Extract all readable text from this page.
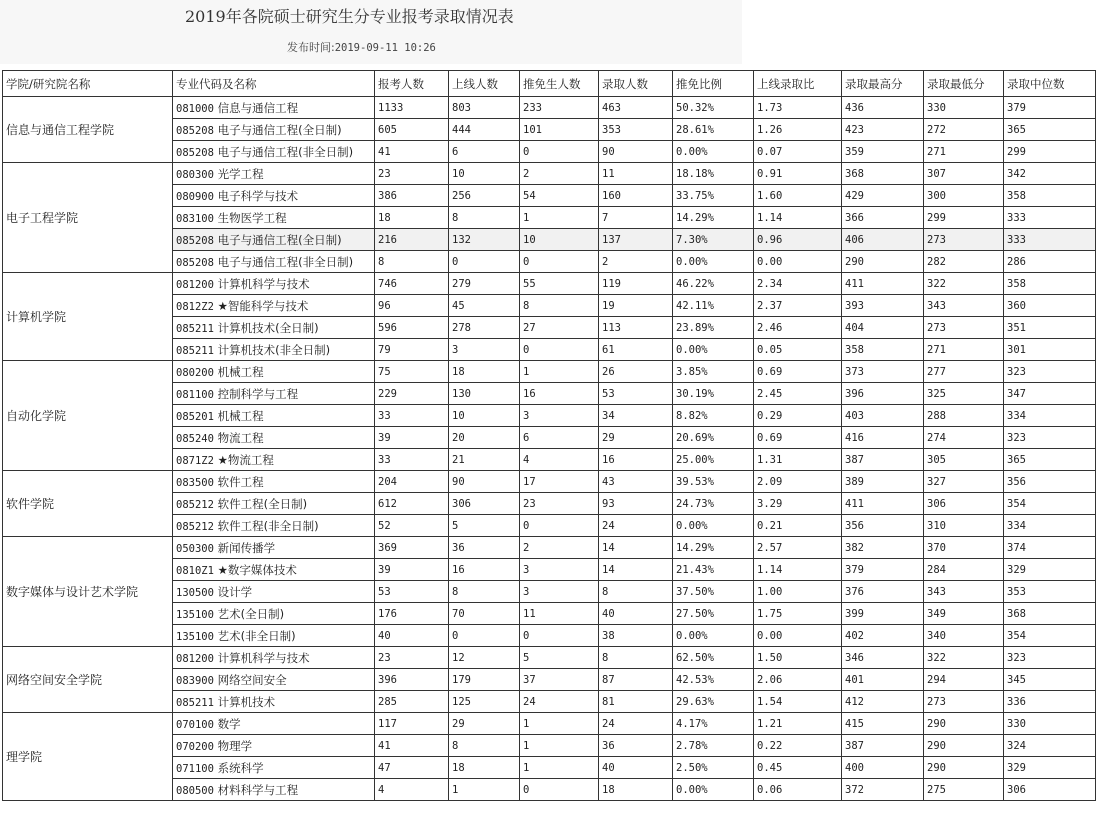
2019年各院硕士研究生分专业报考录取情况表
发布时间:2019-09-11 10:26
学院/研究院名称	专业代码及名称	报考人数	上线人数	推免生人数	录取人数	推免比例	上线录取比	录取最高分	录取最低分	录取中位数
信息与通信工程学院	081000 信息与通信工程	1133	803	233	463	50.32%	1.73	436	330	379
	085208 电子与通信工程(全日制)	605	444	101	353	28.61%	1.26	423	272	365
	085208 电子与通信工程(非全日制)	41	6	0	90	0.00%	0.07	359	271	299
电子工程学院	080300 光学工程	23	10	2	11	18.18%	0.91	368	307	342
	080900 电子科学与技术	386	256	54	160	33.75%	1.60	429	300	358
	083100 生物医学工程	18	8	1	7	14.29%	1.14	366	299	333
	085208 电子与通信工程(全日制)	216	132	10	137	7.30%	0.96	406	273	333
	085208 电子与通信工程(非全日制)	8	0	0	2	0.00%	0.00	290	282	286
计算机学院	081200 计算机科学与技术	746	279	55	119	46.22%	2.34	411	322	358
	0812Z2 ★智能科学与技术	96	45	8	19	42.11%	2.37	393	343	360
	085211 计算机技术(全日制)	596	278	27	113	23.89%	2.46	404	273	351
	085211 计算机技术(非全日制)	79	3	0	61	0.00%	0.05	358	271	301
自动化学院	080200 机械工程	75	18	1	26	3.85%	0.69	373	277	323
	081100 控制科学与工程	229	130	16	53	30.19%	2.45	396	325	347
	085201 机械工程	33	10	3	34	8.82%	0.29	403	288	334
	085240 物流工程	39	20	6	29	20.69%	0.69	416	274	323
	0871Z2 ★物流工程	33	21	4	16	25.00%	1.31	387	305	365
软件学院	083500 软件工程	204	90	17	43	39.53%	2.09	389	327	356
	085212 软件工程(全日制)	612	306	23	93	24.73%	3.29	411	306	354
	085212 软件工程(非全日制)	52	5	0	24	0.00%	0.21	356	310	334
数字媒体与设计艺术学院	050300 新闻传播学	369	36	2	14	14.29%	2.57	382	370	374
	0810Z1 ★数字媒体技术	39	16	3	14	21.43%	1.14	379	284	329
	130500 设计学	53	8	3	8	37.50%	1.00	376	343	353
	135100 艺术(全日制)	176	70	11	40	27.50%	1.75	399	349	368
	135100 艺术(非全日制)	40	0	0	38	0.00%	0.00	402	340	354
网络空间安全学院	081200 计算机科学与技术	23	12	5	8	62.50%	1.50	346	322	323
	083900 网络空间安全	396	179	37	87	42.53%	2.06	401	294	345
	085211 计算机技术	285	125	24	81	29.63%	1.54	412	273	336
理学院	070100 数学	117	29	1	24	4.17%	1.21	415	290	330
	070200 物理学	41	8	1	36	2.78%	0.22	387	290	324
	071100 系统科学	47	18	1	40	2.50%	0.45	400	290	329
	080500 材料科学与工程	4	1	0	18	0.00%	0.06	372	275	306
